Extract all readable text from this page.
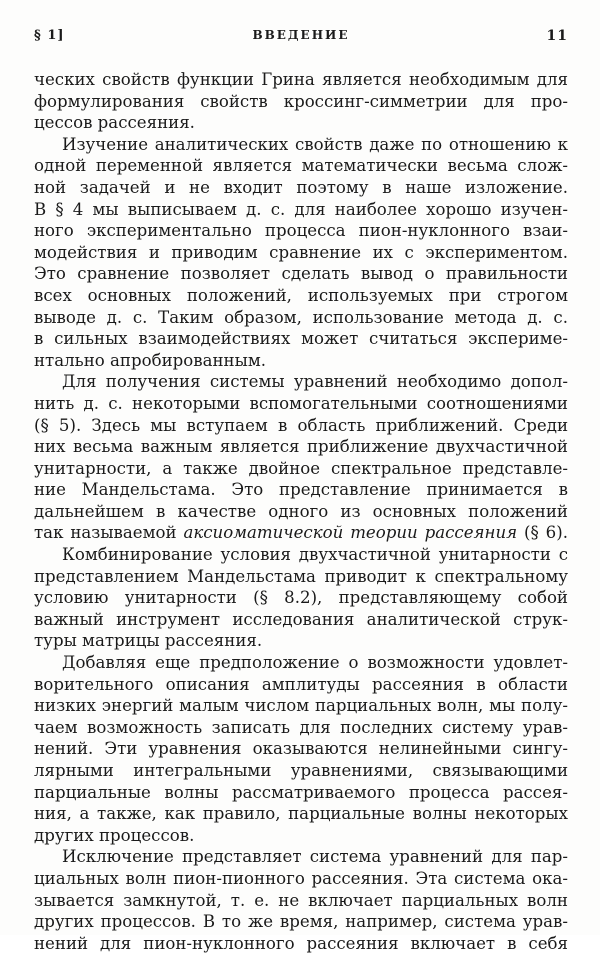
§ 1]	ВВЕДЕНИЕ	11
ческих свойств функции Грина является необходимым для
формулирования свойств кроссинг-симметрии для про-
цессов рассеяния.
Изучение аналитических свойств даже по отношению к
одной переменной является математически весьма слож-
ной задачей и не входит поэтому в наше изложение.
В § 4 мы выписываем д. с. для наиболее хорошо изучен-
ного экспериментально процесса пион-нуклонного взаи-
модействия и приводим сравнение их с экспериментом.
Это сравнение позволяет сделать вывод о правильности
всех основных положений, используемых при строгом
выводе д. с. Таким образом, использование метода д. с.
в сильных взаимодействиях может считаться экспериме-
нтально апробированным.
Для получения системы уравнений необходимо допол-
нить д. с. некоторыми вспомогательными соотношениями
(§ 5). Здесь мы вступаем в область приближений. Среди
них весьма важным является приближение двухчастичной
унитарности, а также двойное спектральное представле-
ние Мандельстама. Это представление принимается в
дальнейшем в качестве одного из основных положений
так называемой аксиоматической теории рассеяния (§ 6).
Комбинирование условия двухчастичной унитарности с
представлением Мандельстама приводит к спектральному
условию унитарности (§ 8.2), представляющему собой
важный инструмент исследования аналитической струк-
туры матрицы рассеяния.
Добавляя еще предположение о возможности удовлет-
ворительного описания амплитуды рассеяния в области
низких энергий малым числом парциальных волн, мы полу-
чаем возможность записать для последних систему урав-
нений. Эти уравнения оказываются нелинейными сингу-
лярными интегральными уравнениями, связывающими
парциальные волны рассматриваемого процесса рассея-
ния, а также, как правило, парциальные волны некоторых
других процессов.
Исключение представляет система уравнений для пар-
циальных волн пион-пионного рассеяния. Эта система ока-
зывается замкнутой, т. е. не включает парциальных волн
других процессов. В то же время, например, система урав-
нений для пион-нуклонного рассеяния включает в себя
